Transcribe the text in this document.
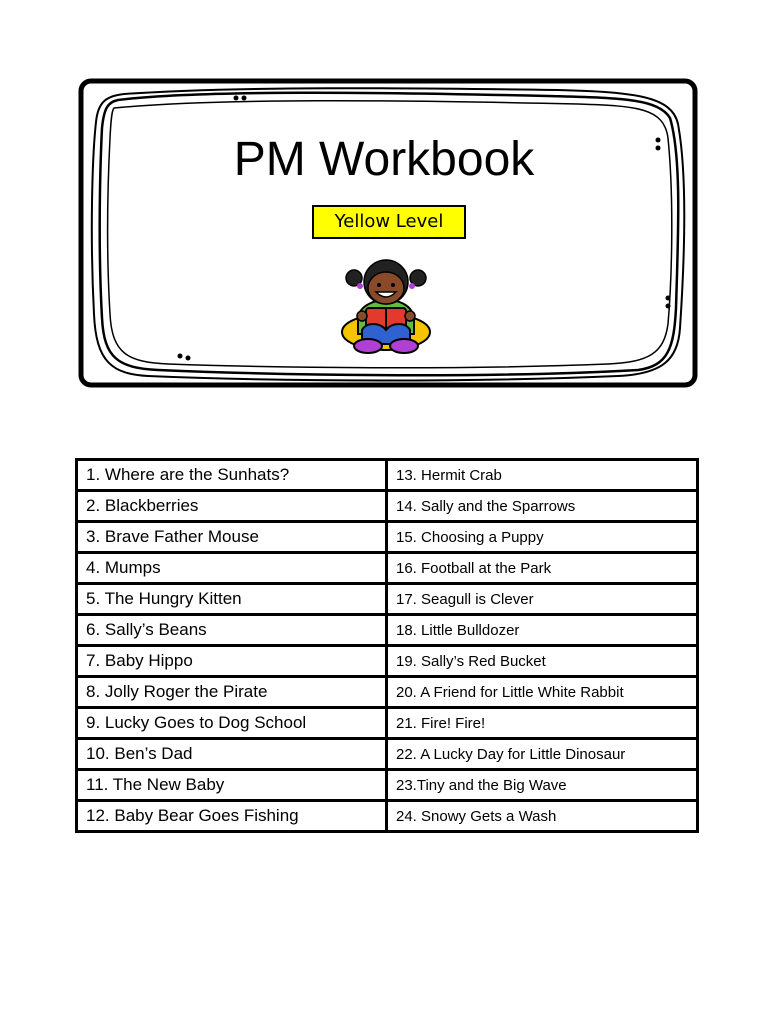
PM Workbook
Yellow Level
1. Where are the Sunhats?	13. Hermit Crab
2. Blackberries	14. Sally and the Sparrows
3. Brave Father Mouse	15. Choosing a Puppy
4. Mumps	16. Football at the Park
5. The Hungry Kitten	17. Seagull is Clever
6. Sally’s Beans	18. Little Bulldozer
7. Baby Hippo	19. Sally’s Red Bucket
8. Jolly Roger the Pirate	20. A Friend for Little White Rabbit
9. Lucky Goes to Dog School	21. Fire! Fire!
10. Ben’s Dad	22. A Lucky Day for Little Dinosaur
11. The New Baby	23.Tiny and the Big Wave
12. Baby Bear Goes Fishing	24. Snowy Gets a Wash
